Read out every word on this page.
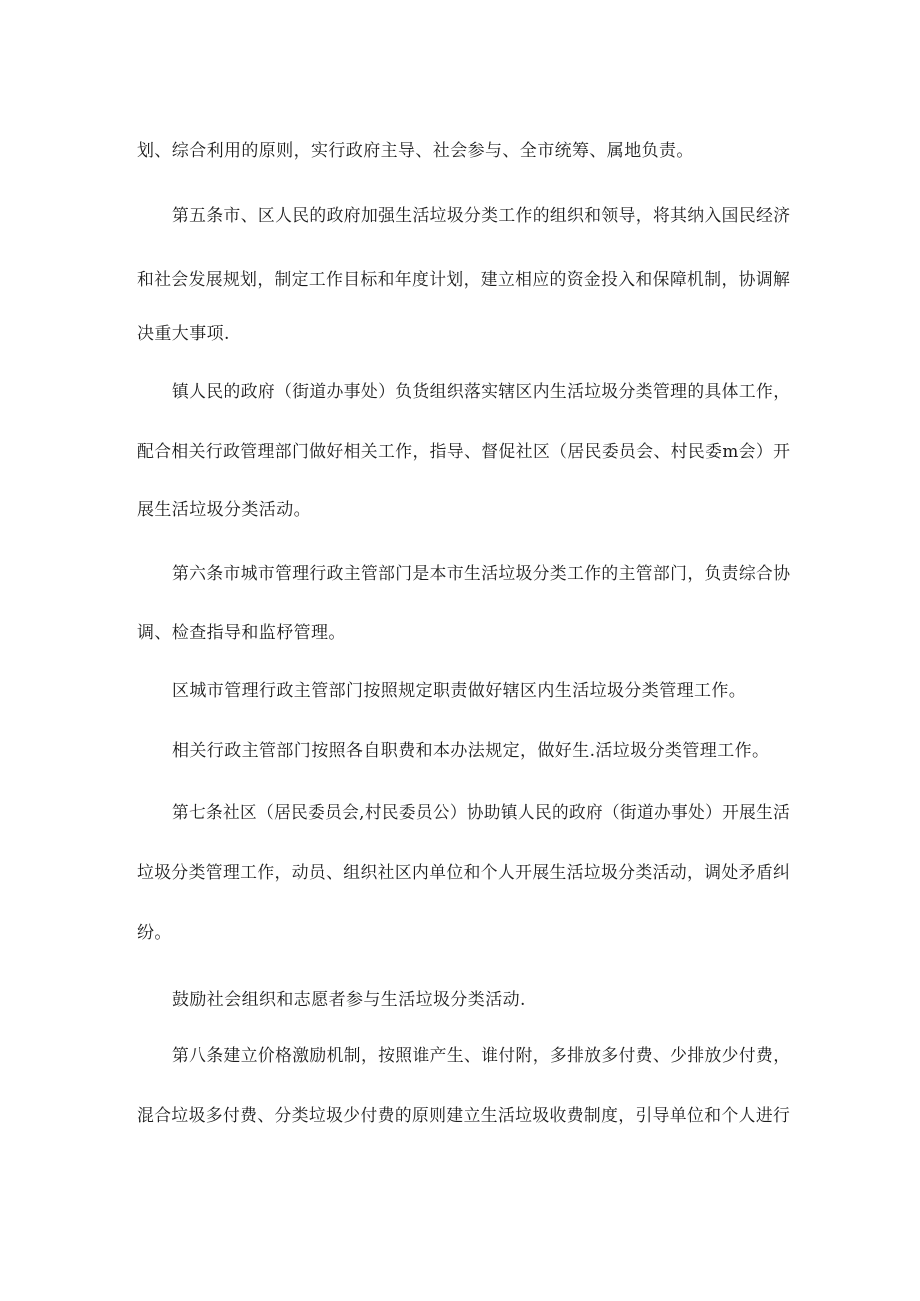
划、综合利用的原则，实行政府主导、社会参与、全市统筹、属地负责。
第五条市、区人民的政府加强生活垃圾分类工作的组织和领导，将其纳入国民经济
和社会发展规划，制定工作目标和年度计划，建立相应的资金投入和保障机制，协调解
决重大事项.
镇人民的政府（街道办事处）负货组织落实辖区内生活垃圾分类管理的具体工作，
配合相关行政管理部门做好相关工作，指导、督促社区（居民委员会、村民委m会）开
展生活垃圾分类活动。
第六条市城市管理行政主管部门是本市生活垃圾分类工作的主管部门，负责综合协
调、检查指导和监杼管理。
区城市管理行政主管部门按照规定职责做好辖区内生活垃圾分类管理工作。
相关行政主管部门按照各自职费和本办法规定，做好生.活垃圾分类管理工作。
第七条社区（居民委员会,村民委员公）协助镇人民的政府（街道办事处）开展生活
垃圾分类管理工作，动员、组织社区内单位和个人开展生活垃圾分类活动，调处矛盾纠
纷。
鼓励社会组织和志愿者参与生活垃圾分类活动.
第八条建立价格激励机制，按照谁产生、谁付附，多排放多付费、少排放少付费，
混合垃圾多付费、分类垃圾少付费的原则建立生活垃圾收费制度，引导单位和个人进行
